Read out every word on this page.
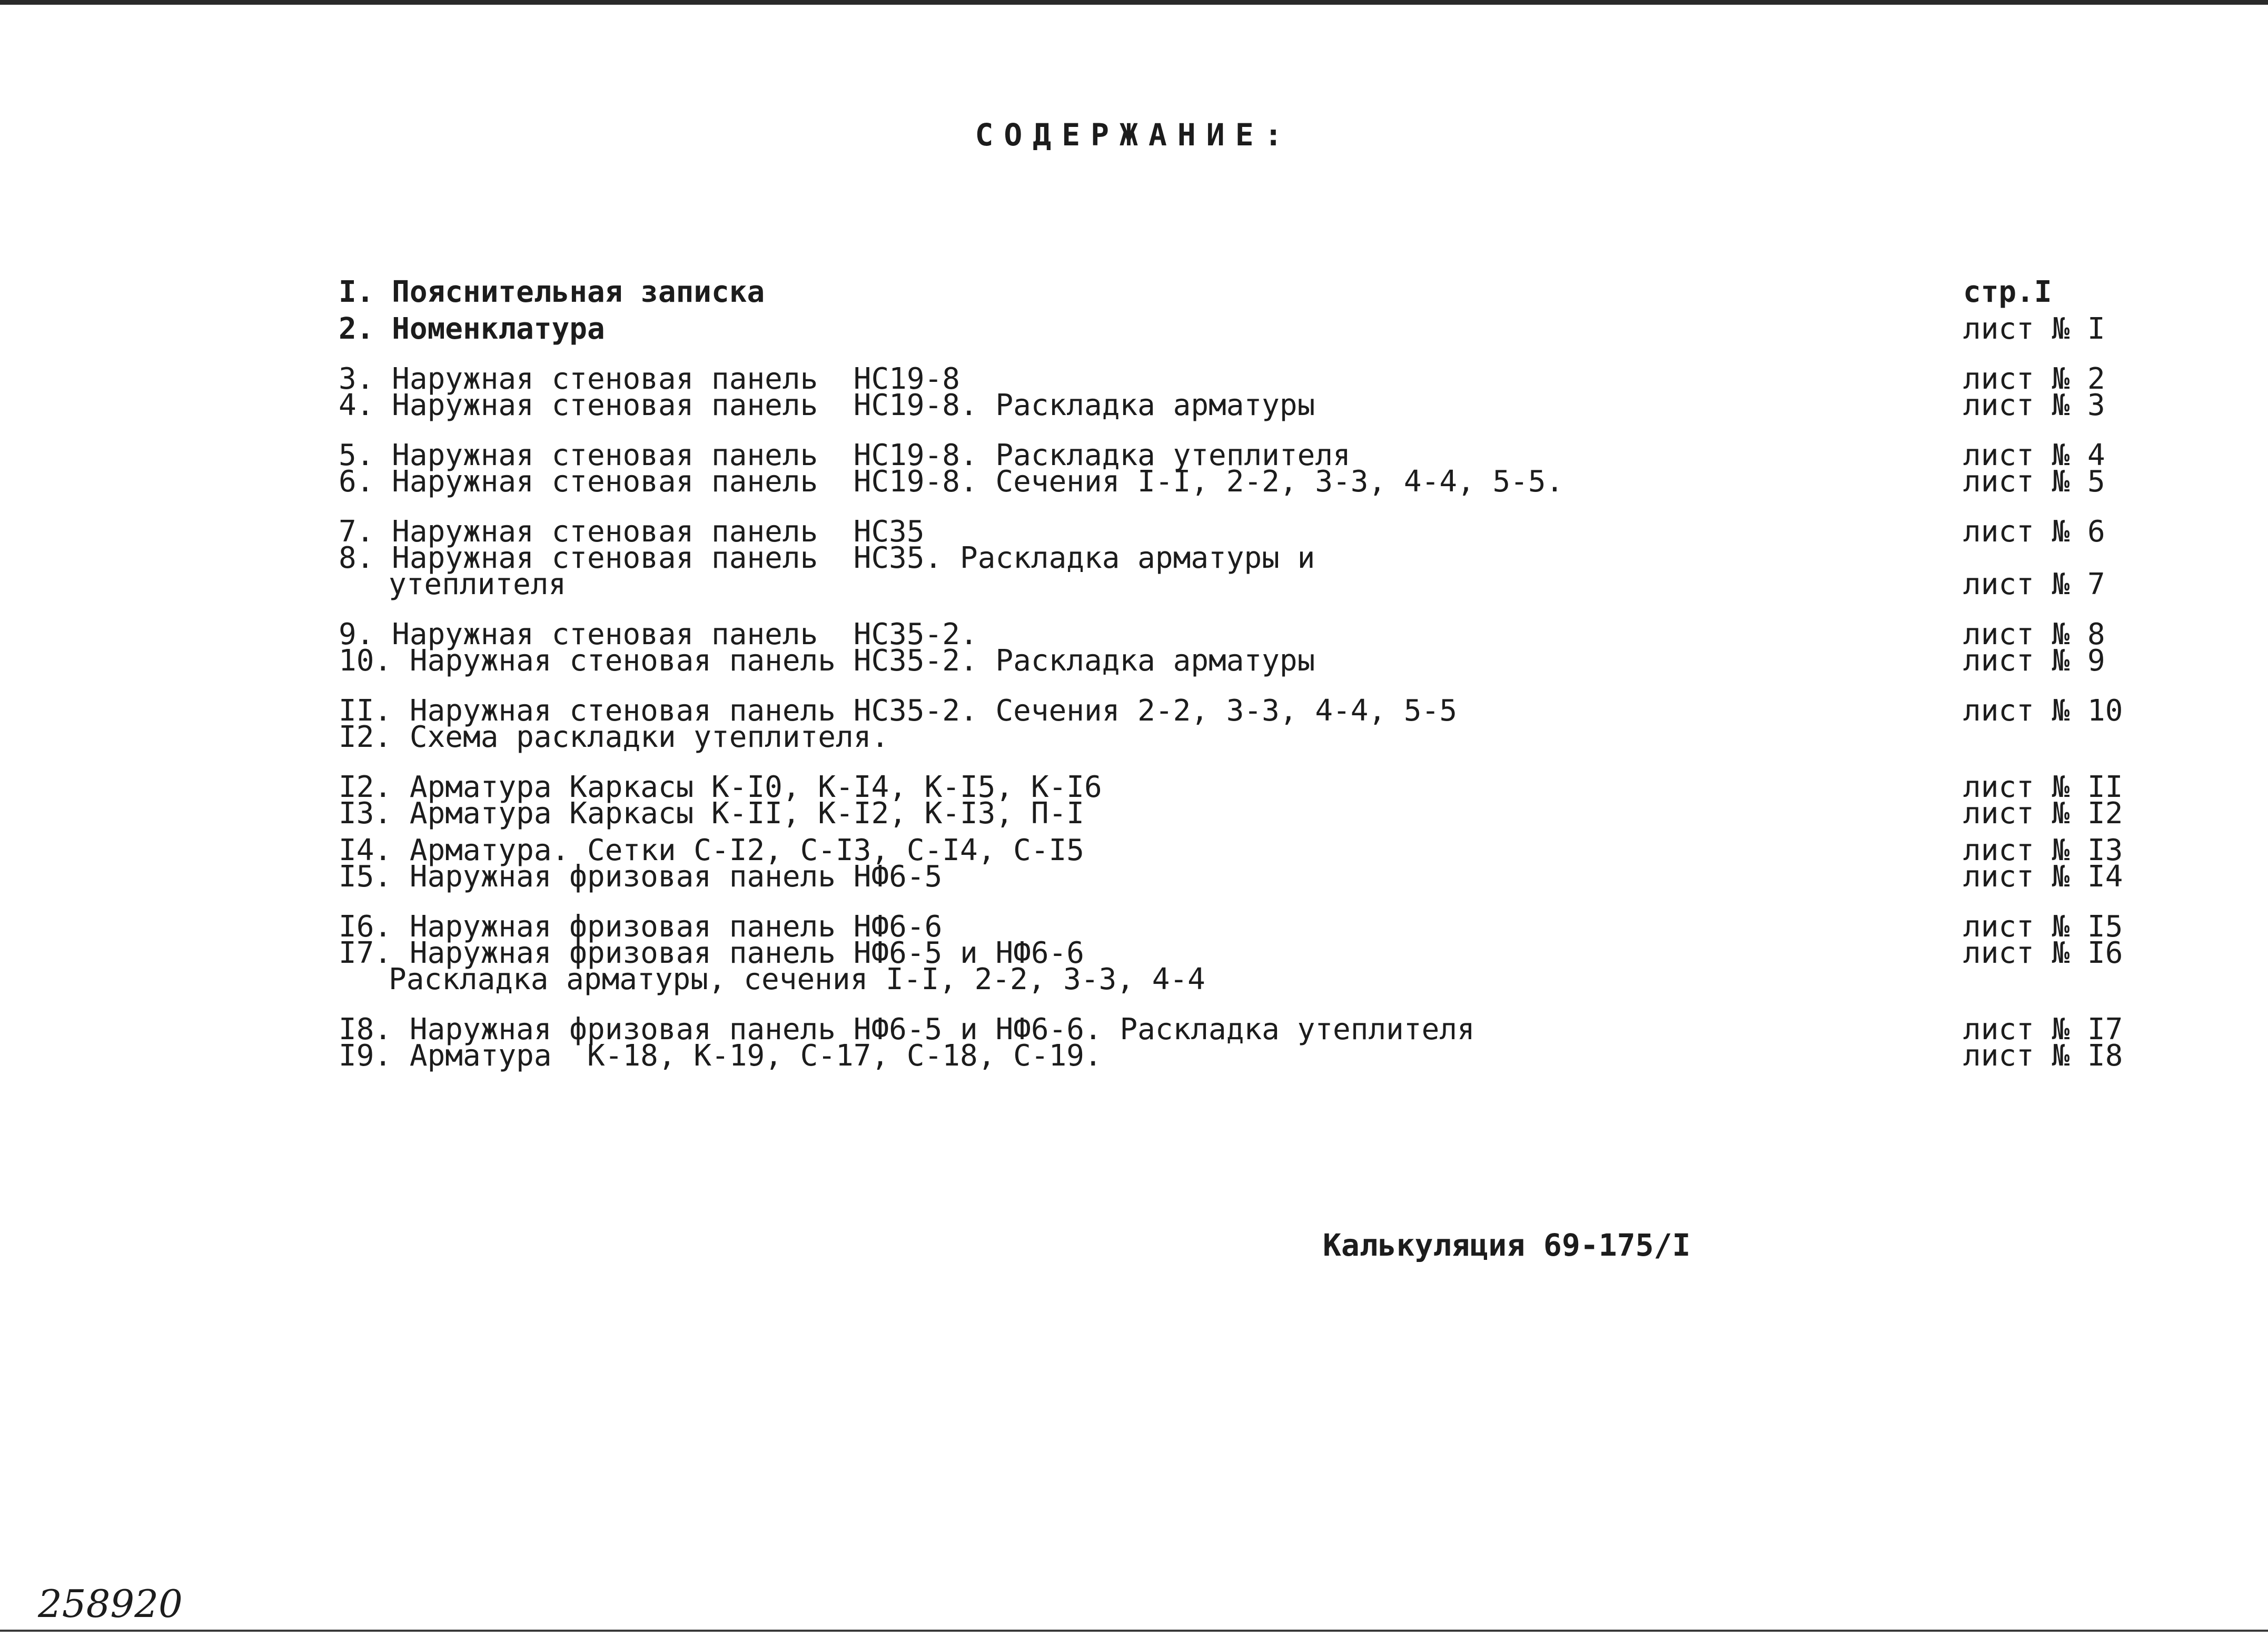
СОДЕРЖАНИЕ:
I. Пояснительная записка
2. Номенклатура
3. Наружная стеновая панель  НС19-8
4. Наружная стеновая панель  НС19-8. Раскладка арматуры
5. Наружная стеновая панель  НС19-8. Раскладка утеплителя
6. Наружная стеновая панель  НС19-8. Сечения I-I, 2-2, 3-3, 4-4, 5-5.
7. Наружная стеновая панель  НС35
8. Наружная стеновая панель  НС35. Раскладка арматуры и
утеплителя
9. Наружная стеновая панель  НС35-2.
10. Наружная стеновая панель НС35-2. Раскладка арматуры
II. Наружная стеновая панель НС35-2. Сечения 2-2, 3-3, 4-4, 5-5
I2. Схема раскладки утеплителя.
I2. Арматура Каркасы К-I0, К-I4, К-I5, К-I6
I3. Арматура Каркасы К-II, К-I2, К-I3, П-I
I4. Арматура. Сетки С-I2, С-I3, С-I4, С-I5
I5. Наружная фризовая панель НФ6-5
I6. Наружная фризовая панель НФ6-6
I7. Наружная фризовая панель НФ6-5 и НФ6-6
Раскладка арматуры, сечения I-I, 2-2, 3-3, 4-4
I8. Наружная фризовая панель НФ6-5 и НФ6-6. Раскладка утеплителя
I9. Арматура  К-18, К-19, С-17, С-18, С-19.
стр.I
лист № I
лист № 2
лист № 3
лист № 4
лист № 5
лист № 6
лист № 7
лист № 8
лист № 9
лист № 10
лист № II
лист № I2
лист № I3
лист № I4
лист № I5
лист № I6
лист № I7
лист № I8
Калькуляция 69-175/I
258920
